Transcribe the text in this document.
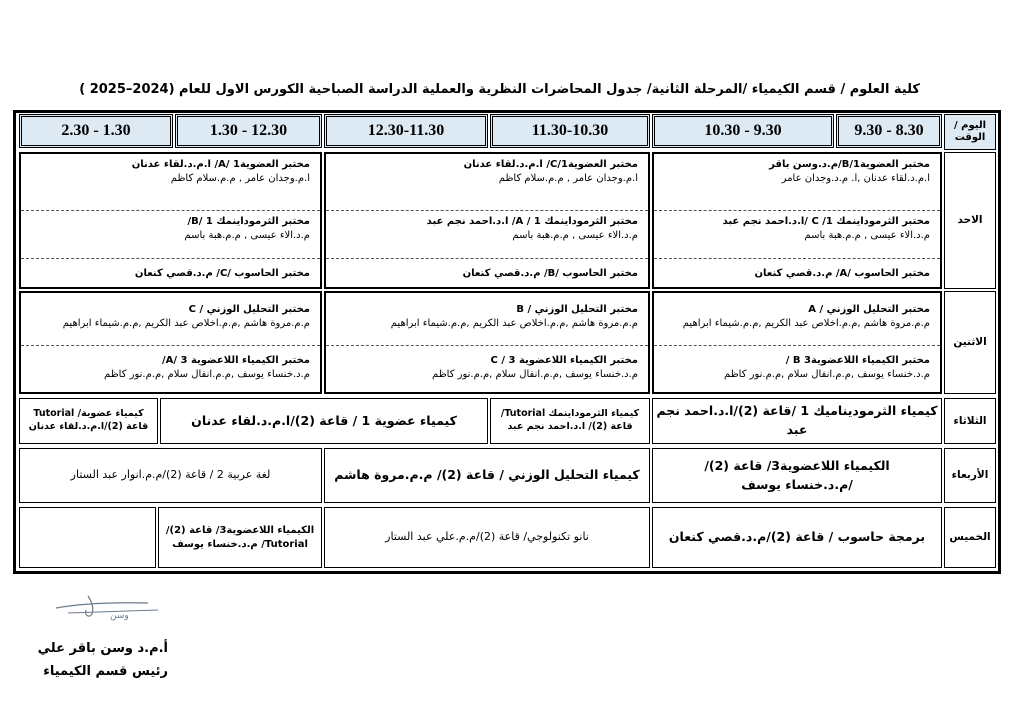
كلية العلوم / قسم الكيمياء /المرحلة الثانية/ جدول المحاضرات النظرية والعملية الدراسة الصباحية الكورس الاول للعام (2024–2025 )
اليوم / الوقت
9.30 - 8.30
10.30 - 9.30
11.30-10.30
12.30-11.30
1.30 - 12.30
2.30 - 1.30
الاحد
مختبر العضوية1/B/م.د.وسن باقر
ا.م.د.لقاء عدنان ,ا. م.د.وجدان عامر
مختبر الثرموداينمك 1/ C /ا.د.احمد نجم عبد
م.د.الاء عيسى , م.م.هبة باسم
مختبر الحاسوب /A/ م.د.قصي كنعان
مختبر العضوية1/C/ ا.م.د.لقاء عدنان
ا.م.وجدان عامر , م.م.سلام كاظم
مختبر الثرموداينمك 1 / A/ ا.د.احمد نجم عبد
م.د.الاء عيسى , م.م.هبة باسم
مختبر الحاسوب /B/ م.د.قصي كنعان
مختبر العضوية1 /A/ ا.م.د.لقاء عدنان
ا.م.وجدان عامر , م.م.سلام كاظم
مختبر الثرموداينمك 1 /B/
م.د.الاء عيسى , م.م.هبة باسم
مختبر الحاسوب /C/ م.د.قصي كنعان
الاثنين
مختبر التحليل الوزني / A
م.م.مروة هاشم ,م.م.اخلاص عبد الكريم ,م.م.شيماء ابراهيم
مختبر الكيمياء اللاعضوية3 B /
م.د.خنساء يوسف ,م.م.انفال سلام ,م.م.نور كاظم
مختبر التحليل الوزني / B
م.م.مروة هاشم ,م.م.اخلاص عبد الكريم ,م.م.شيماء ابراهيم
مختبر الكيمياء اللاعضوية 3 / C
م.د.خنساء يوسف ,م.م.انفال سلام ,م.م.نور كاظم
مختبر التحليل الوزني / C
م.م.مروة هاشم ,م.م.اخلاص عبد الكريم ,م.م.شيماء ابراهيم
مختبر الكيمياء اللاعضوية 3 /A/
م.د.خنساء يوسف ,م.م.انفال سلام ,م.م.نور كاظم
الثلاثاء
كيمياء الثرموديناميك 1 /قاعة (2)/ا.د.احمد نجم عبد
كيمياء الثرموداينمك Tutorial/
قاعة (2)/ ا.د.احمد نجم عبد
كيمياء عضوية 1 / قاعة (2)/ا.م.د.لقاء عدنان
كيمياء عضوية/ Tutorial
قاعة (2)/ا.م.د.لقاء عدنان
الأربعاء
الكيمياء اللاعضوية3/ قاعة (2)/
/م.د.خنساء يوسف
كيمياء التحليل الوزني / قاعة (2)/ م.م.مروة هاشم
لغة عربية 2 / قاعة (2)/م.م.انوار عبد الستار
الخميس
برمجة حاسوب / قاعة (2)/م.د.قصي كنعان
نانو تكنولوجي/ قاعة (2)/م.م.علي عبد الستار
الكيمياء اللاعضوية3/ قاعة (2)/
Tutorial/ م.د.خنساء يوسف
وسن
أ.م.د وسن باقر علي
رئيس قسم الكيمياء
